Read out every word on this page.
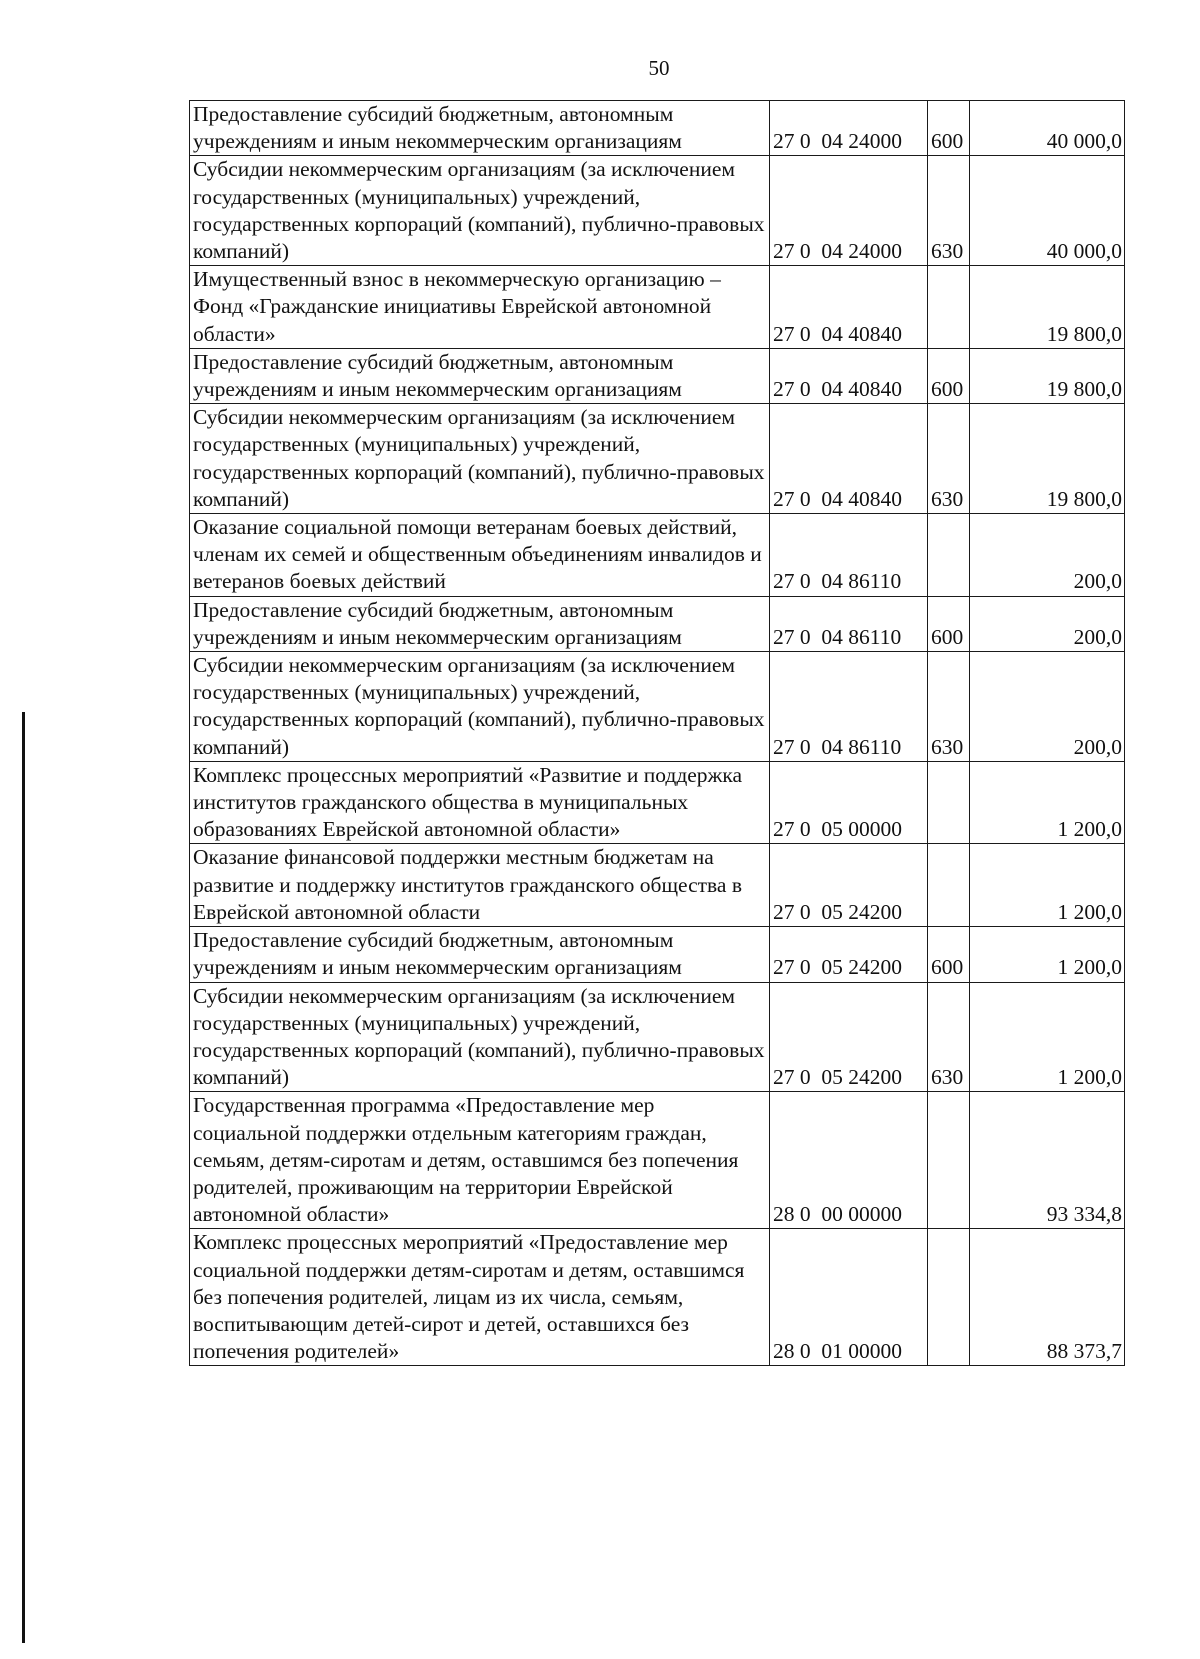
50
Предоставление субсидий бюджетным, автономным учреждениям и иным некоммерческим организациям	27 0  04 24000	600	40 000,0
Субсидии некоммерческим организациям (за исключением государственных (муниципальных) учреждений, государственных корпораций (компаний), публично-правовых компаний)	27 0  04 24000	630	40 000,0
Имущественный взнос в некоммерческую организацию – Фонд «Гражданские инициативы Еврейской автономной области»	27 0  04 40840		19 800,0
Предоставление субсидий бюджетным, автономным учреждениям и иным некоммерческим организациям	27 0  04 40840	600	19 800,0
Субсидии некоммерческим организациям (за исключением государственных (муниципальных) учреждений, государственных корпораций (компаний), публично-правовых компаний)	27 0  04 40840	630	19 800,0
Оказание социальной помощи ветеранам боевых действий, членам их семей и общественным объединениям инвалидов и ветеранов боевых действий	27 0  04 86110		200,0
Предоставление субсидий бюджетным, автономным учреждениям и иным некоммерческим организациям	27 0  04 86110	600	200,0
Субсидии некоммерческим организациям (за исключением государственных (муниципальных) учреждений, государственных корпораций (компаний), публично-правовых компаний)	27 0  04 86110	630	200,0
Комплекс процессных мероприятий «Развитие и поддержка институтов гражданского общества в муниципальных образованиях Еврейской автономной области»	27 0  05 00000		1 200,0
Оказание финансовой поддержки местным бюджетам на развитие и поддержку институтов гражданского общества в Еврейской автономной области	27 0  05 24200		1 200,0
Предоставление субсидий бюджетным, автономным учреждениям и иным некоммерческим организациям	27 0  05 24200	600	1 200,0
Субсидии некоммерческим организациям (за исключением государственных (муниципальных) учреждений, государственных корпораций (компаний), публично-правовых компаний)	27 0  05 24200	630	1 200,0
Государственная программа «Предоставление мер социальной поддержки отдельным категориям граждан, семьям, детям-сиротам и детям, оставшимся без попечения родителей, проживающим на территории Еврейской автономной области»	28 0  00 00000		93 334,8
Комплекс процессных мероприятий «Предоставление мер социальной поддержки детям-сиротам и детям, оставшимся без попечения родителей, лицам из их числа, семьям, воспитывающим детей-сирот и детей, оставшихся без попечения родителей»	28 0  01 00000		88 373,7
